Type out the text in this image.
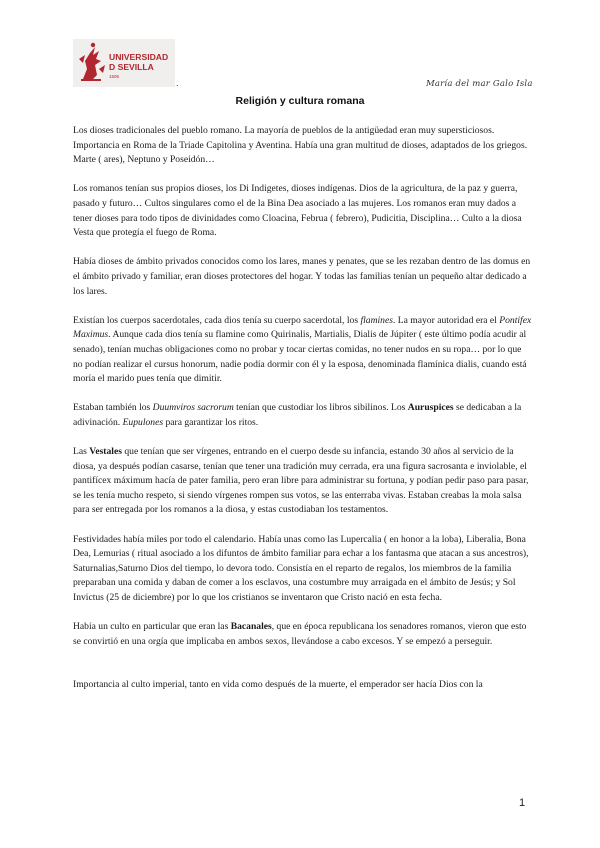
UNIVERSIDAD
D SEVILLA
1505
.	María del mar Galo Isla
Religión y cultura romana

Los dioses tradicionales del pueblo romano. La mayoría de pueblos de la antigüedad eran muy supersticiosos. Importancia en Roma de la Triade Capitolina y Aventina. Había una gran multitud de dioses, adaptados de los griegos. Marte ( ares), Neptuno y Poseidón…

Los romanos tenían sus propios dioses, los Di Indigetes, dioses indígenas. Dios de la agricultura, de la paz y guerra, pasado y futuro… Cultos singulares como el de la Bina Dea asociado a las mujeres. Los romanos eran muy dados a tener dioses para todo tipos de divinidades como Cloacina, Februa ( febrero), Pudicitia, Disciplina… Culto a la diosa Vesta que protegía el fuego de Roma.

Había dioses de ámbito privados conocidos como los lares, manes y penates, que se les rezaban dentro de las domus en el ámbito privado y familiar, eran dioses protectores del hogar. Y todas las familias tenían un pequeño altar dedicado a los lares.

Existían los cuerpos sacerdotales, cada dios tenía su cuerpo sacerdotal, los flamines. La mayor autoridad era el Pontifex Maximus. Aunque cada dios tenía su flamine como Quirinalis, Martialis, Dialis de Júpiter ( este último podía acudir al senado), tenían muchas obligaciones como no probar y tocar ciertas comidas, no tener nudos en su ropa… por lo que no podían realizar el cursus honorum, nadie podía dormir con él y la esposa, denominada flamínica dialis, cuando está moría el marido pues tenía que dimitir.

Estaban también los Duumviros sacrorum tenían que custodiar los libros sibilinos. Los Auruspices se dedicaban a la adivinación. Eupulones para garantizar los ritos.

Las Vestales que tenían que ser vírgenes, entrando en el cuerpo desde su infancia, estando 30 años al servicio de la diosa, ya después podían casarse, tenían que tener una tradición muy cerrada, era una figura sacrosanta e inviolable, el pantifícex máximum hacía de pater familia, pero eran libre para administrar su fortuna, y podían pedir paso para pasar, se les tenía mucho respeto, si siendo vírgenes rompen sus votos, se las enterraba vivas. Estaban creabas la mola salsa para ser entregada por los romanos a la diosa, y estas custodiaban los testamentos.

Festividades había miles por todo el calendario. Había unas como las Lupercalia ( en honor a la loba), Liberalia, Bona Dea, Lemurias ( ritual asociado a los difuntos de ámbito familiar para echar a los fantasma que atacan a sus ancestros), Saturnalias,Saturno Dios del tiempo, lo devora todo. Consistía en el reparto de regalos, los miembros de la familia preparaban una comida y daban de comer a los esclavos, una costumbre muy arraigada en el ámbito de Jesús; y Sol Invictus (25 de diciembre) por lo que los cristianos se inventaron que Cristo nació en esta fecha.

Había un culto en particular que eran las Bacanales, que en época republicana los senadores romanos, vieron que esto se convirtió en una orgía que implicaba en ambos sexos, llevándose a cabo excesos. Y se empezó a perseguir.

Importancia al culto imperial, tanto en vida como después de la muerte, el emperador ser hacía Dios con la

1
